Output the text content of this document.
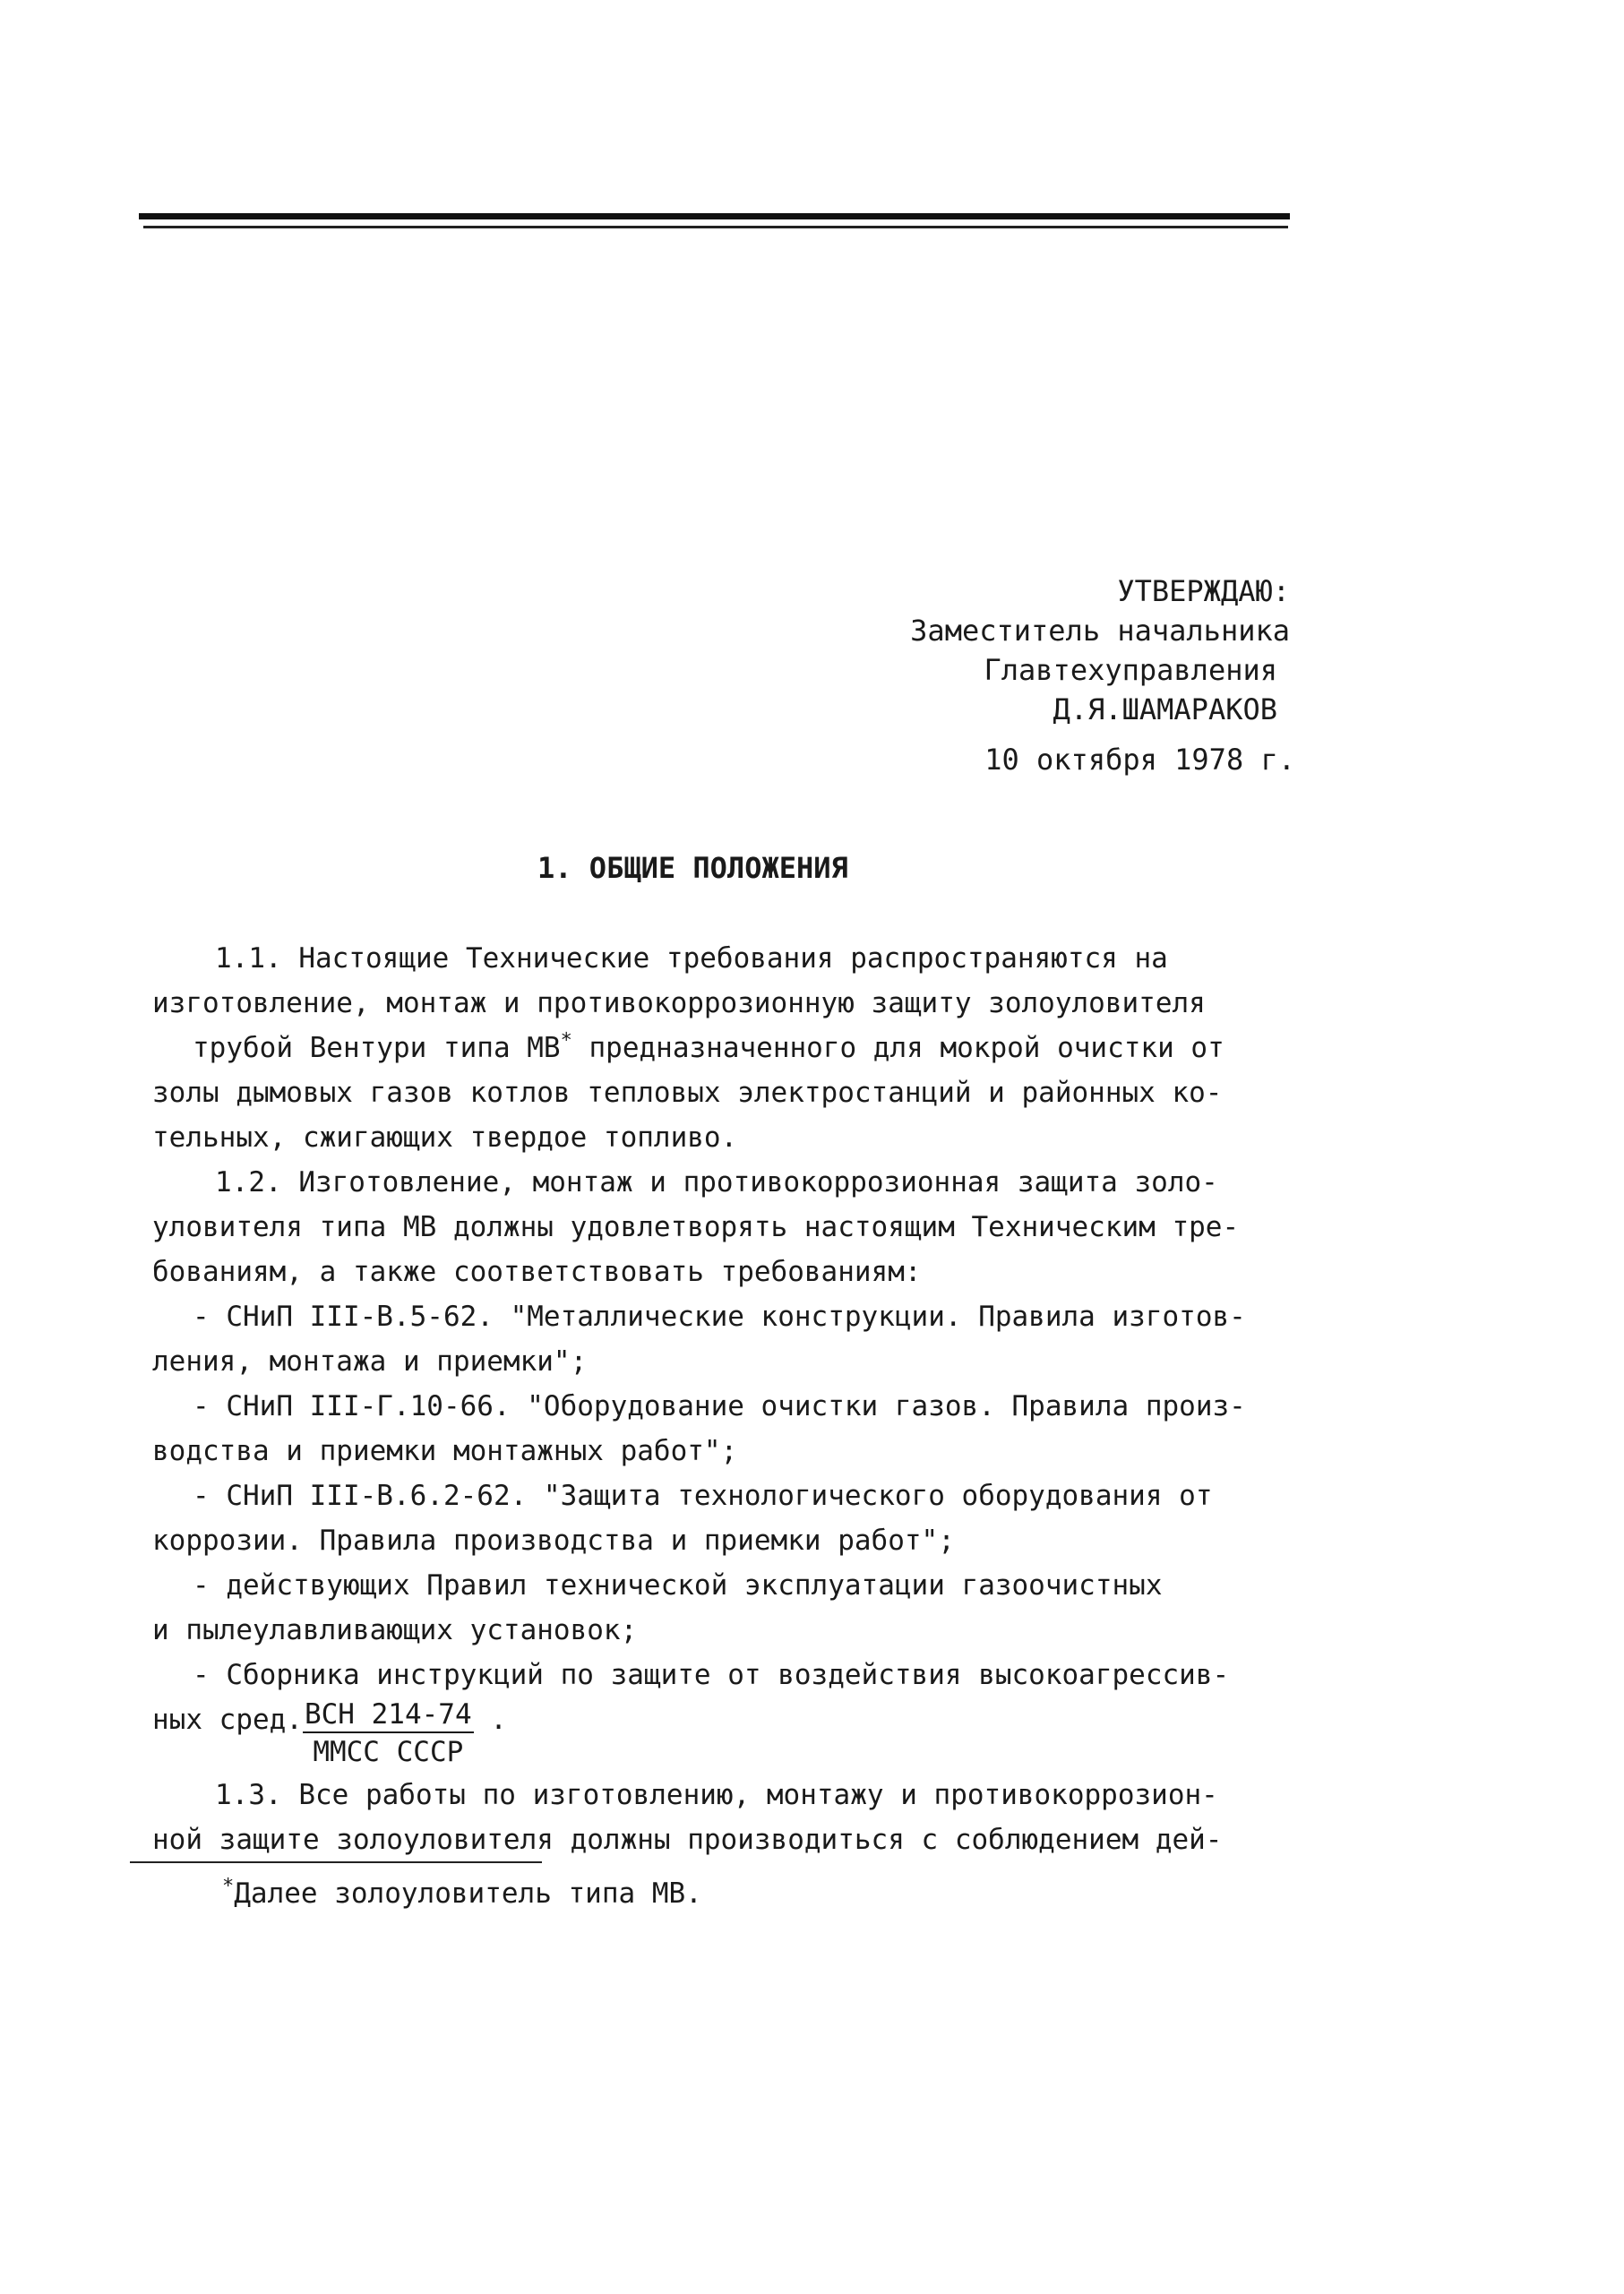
УТВЕРЖДАЮ:
Заместитель начальника
Главтехуправления
Д.Я.ШАМАРАКОВ
10 октября 1978 г.
1. ОБЩИЕ ПОЛОЖЕНИЯ
1.1. Настоящие Технические требования распространяются на
изготовление, монтаж и противокоррозионную защиту золоуловителя
трубой Вентури типа МВ* предназначенного для мокрой очистки от
золы дымовых газов котлов тепловых электростанций и районных ко-
тельных, сжигающих твердое топливо.
1.2. Изготовление, монтаж и противокоррозионная защита золо-
уловителя типа МВ должны удовлетворять настоящим Техническим тре-
бованиям, а также соответствовать требованиям:
- СНиП III-В.5-62. "Металлические конструкции. Правила изготов-
ления, монтажа и приемки";
- СНиП III-Г.10-66. "Оборудование очистки газов. Правила произ-
водства и приемки монтажных работ";
- СНиП III-В.6.2-62. "Защита технологического оборудования от
коррозии. Правила производства и приемки работ";
- действующих Правил технической эксплуатации газоочистных
и пылеулавливающих установок;
- Сборника инструкций по защите от воздействия высокоагрессив-
ных сред. $\frac{\text{ВСН 214-74}}{\text{ММСС СССР}}$ .
1.3. Все работы по изготовлению, монтажу и противокоррозион-
ной защите золоуловителя должны производиться с соблюдением дей-
*Далее золоуловитель типа МВ.
